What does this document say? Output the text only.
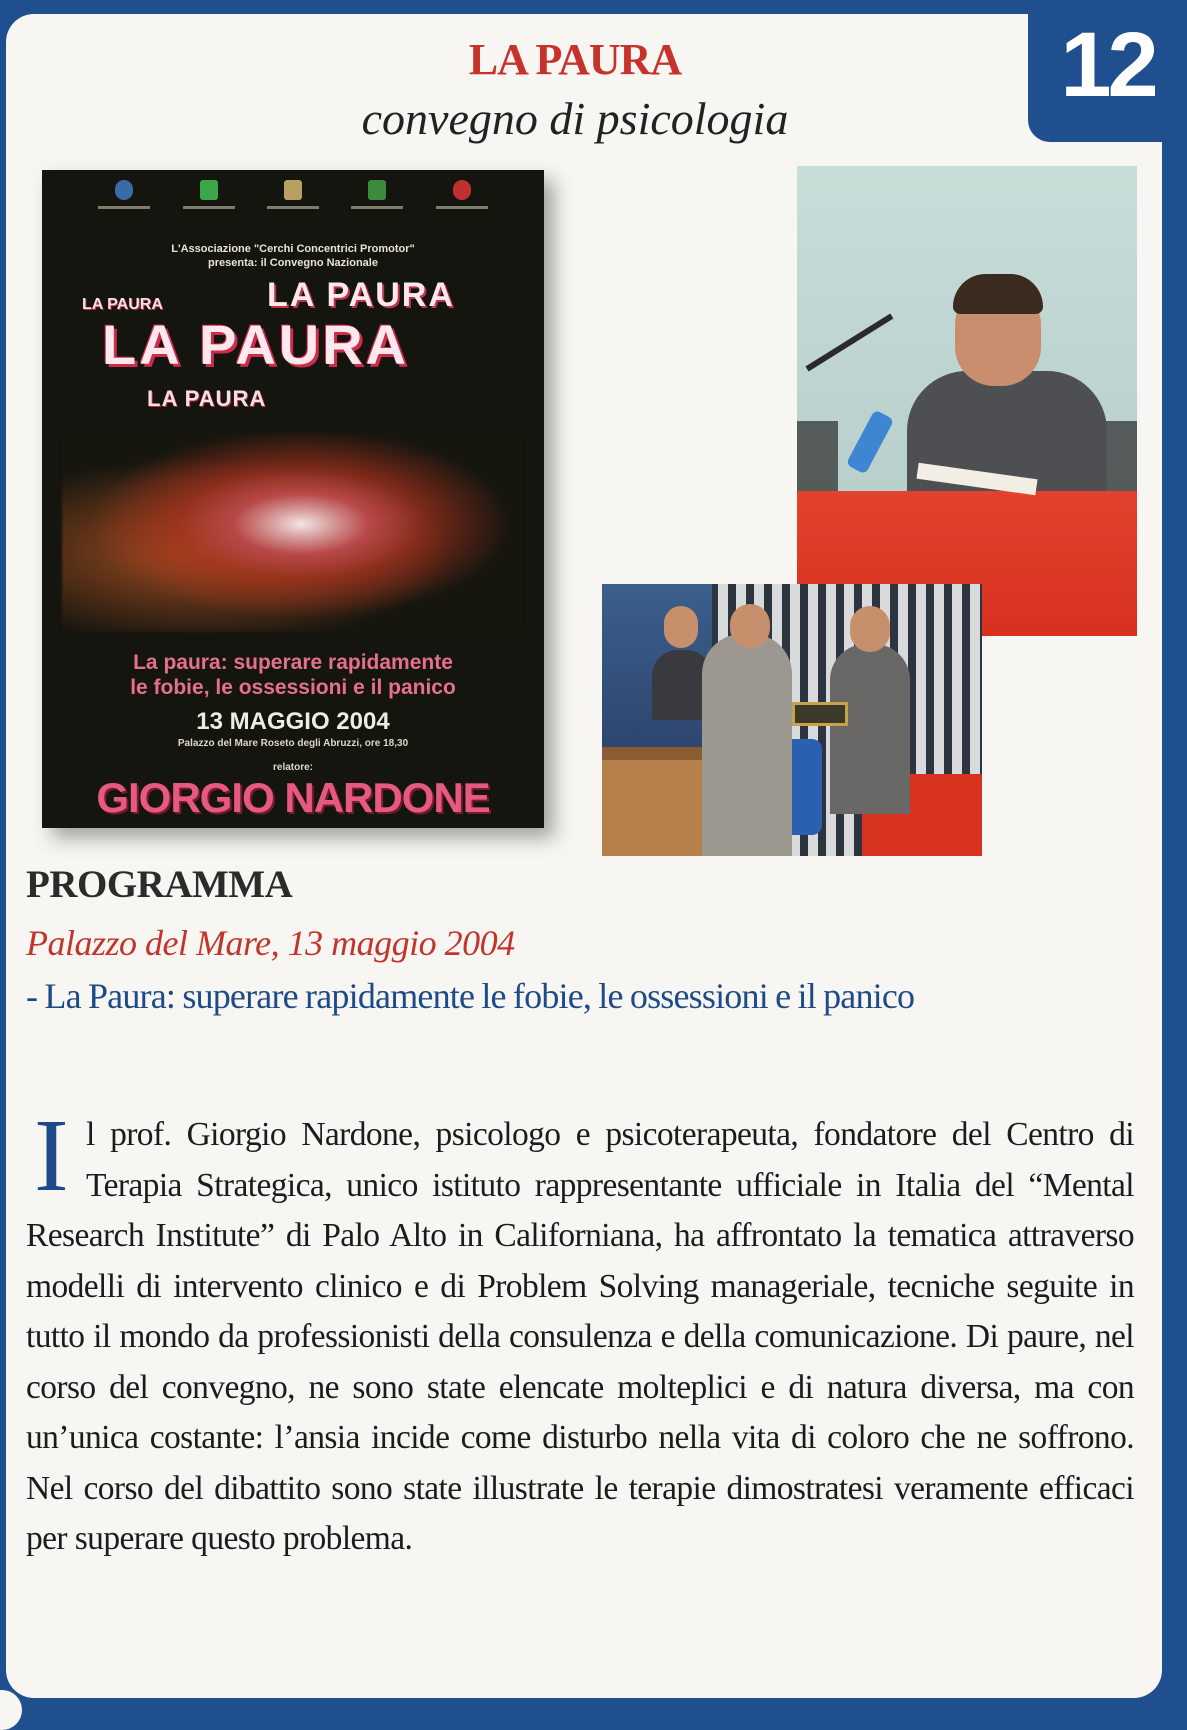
12
LA PAURA
convegno di psicologia
L'Associazione "Cerchi Concentrici Promotor"
presenta: il Convegno Nazionale
LA PAURA	LA PAURA
LA PAURA
LA PAURA
La paura: superare rapidamente
le fobie, le ossessioni e il panico
13 MAGGIO 2004
Palazzo del Mare Roseto degli Abruzzi, ore 18,30
relatore:
GIORGIO NARDONE
PROGRAMMA
Palazzo del Mare, 13 maggio 2004
- La Paura: superare rapidamente le fobie, le ossessioni e il panico
Il prof. Giorgio Nardone, psicologo e psicoterapeuta, fondatore del Centro di Terapia Strategica, unico istituto rappresentante ufficiale in Italia del “Mental Research Institute” di Palo Alto in Californiana, ha affrontato la tematica attraverso modelli di intervento clinico e di Problem Solving manageriale, tecniche seguite in tutto il mondo da professionisti della consulenza e della comunicazione. Di paure, nel corso del convegno, ne sono state elencate molteplici e di natura diversa, ma con un’unica costante: l’ansia incide come disturbo nella vita di coloro che ne soffrono. Nel corso del dibattito sono state illustrate le terapie dimostratesi veramente efficaci per superare questo problema.
